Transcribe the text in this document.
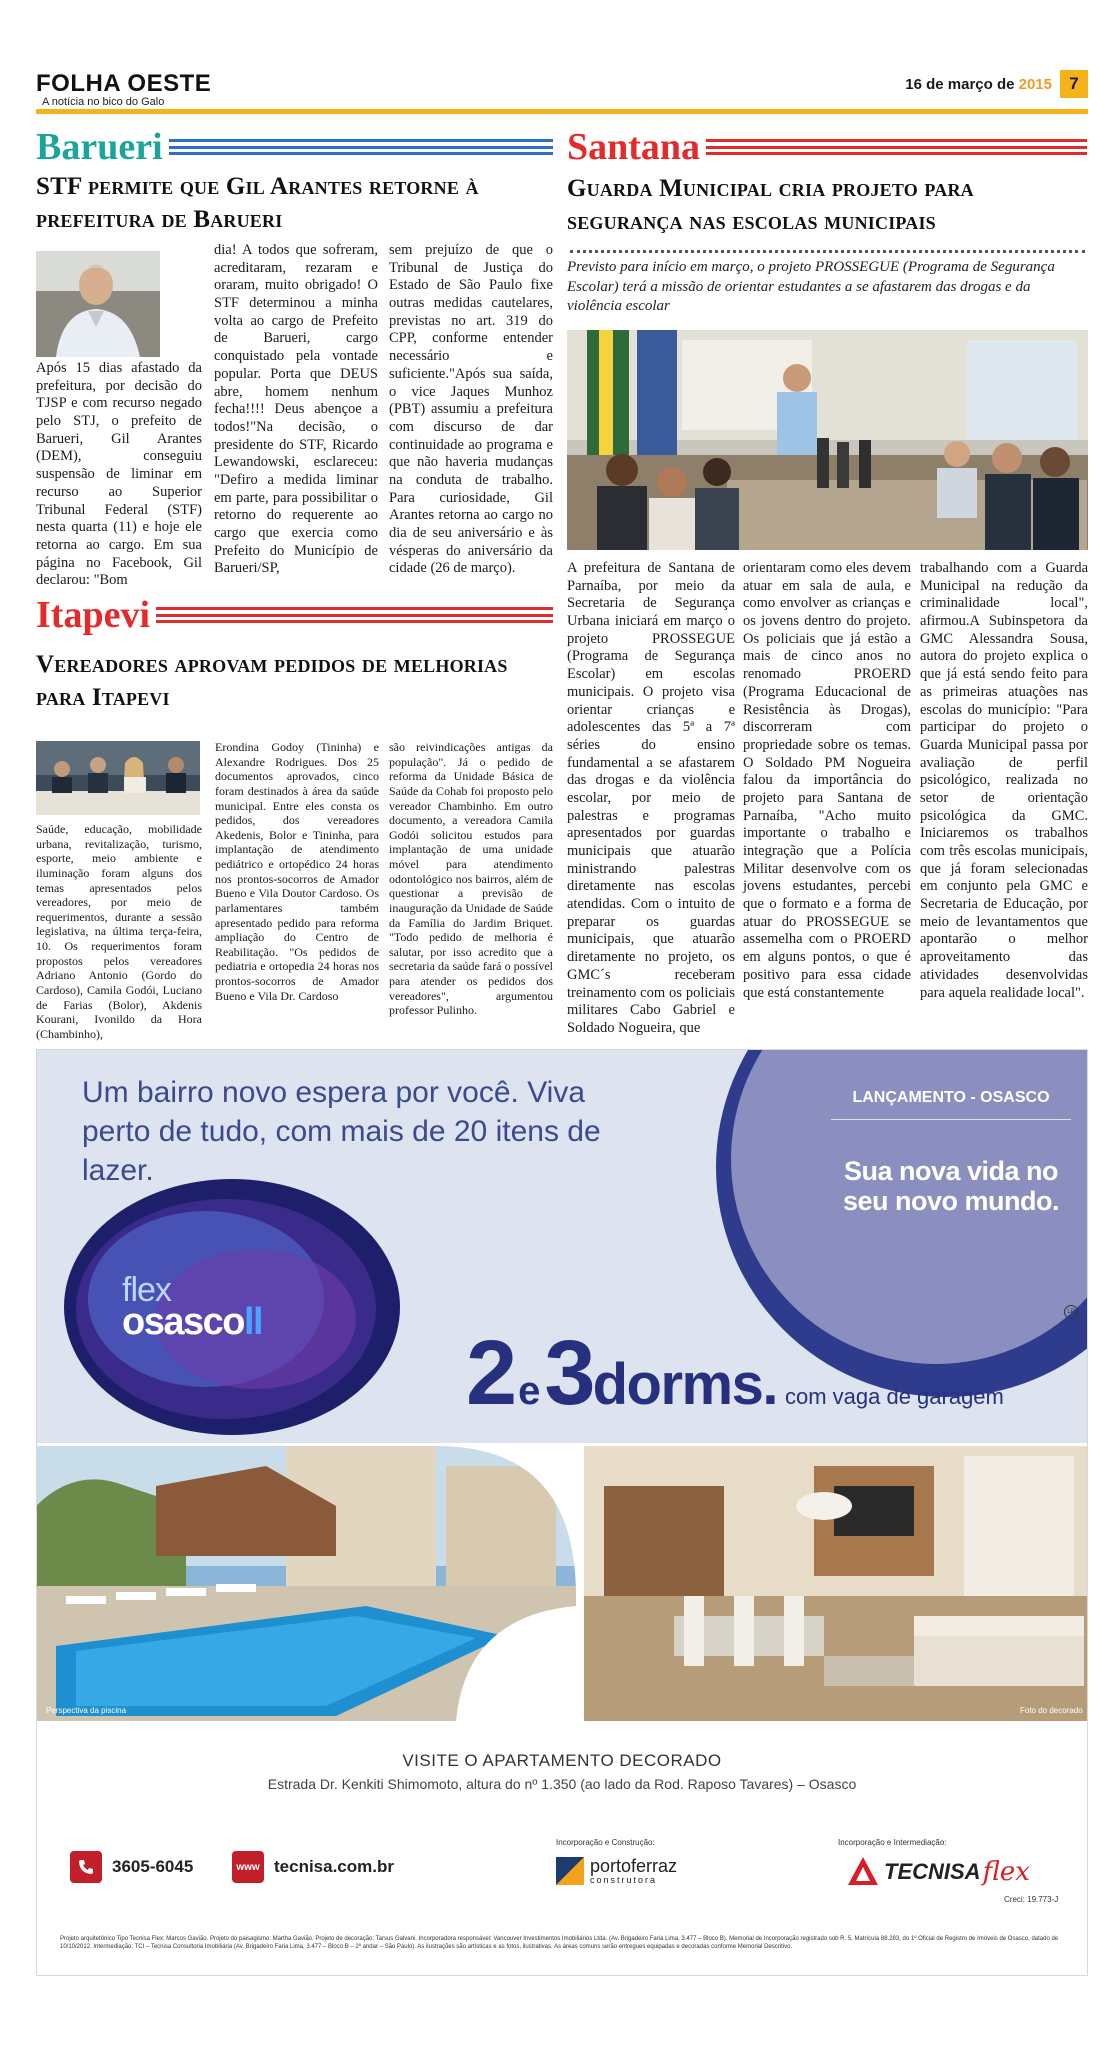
FOLHA OESTE
A notícia no bico do Galo
16 de março de 2015	7
Barueri
STF permite que Gil Arantes retorne à prefeitura de Barueri
Após 15 dias afastado da prefeitura, por decisão do TJSP e com recurso negado pelo STJ, o prefeito de Barueri, Gil Arantes (DEM), conseguiu suspensão de liminar em recurso ao Superior Tribunal Federal (STF) nesta quarta (11) e hoje ele retorna ao cargo. Em sua página no Facebook, Gil declarou: "Bom
dia! A todos que sofreram, acreditaram, rezaram e oraram, muito obrigado! O STF determinou a minha volta ao cargo de Prefeito de Barueri, cargo conquistado pela vontade popular. Porta que DEUS abre, homem nenhum fecha!!!! Deus abençoe a todos!"Na decisão, o presidente do STF, Ricardo Lewandowski, esclareceu: "Defiro a medida liminar em parte, para possibilitar o retorno do requerente ao cargo que exercia como Prefeito do Município de Barueri/SP,
sem prejuízo de que o Tribunal de Justiça do Estado de São Paulo fixe outras medidas cautelares, previstas no art. 319 do CPP, conforme entender necessário e suficiente."Após sua saída, o vice Jaques Munhoz (PBT) assumiu a prefeitura com discurso de dar continuidade ao programa e que não haveria mudanças na conduta de trabalho. Para curiosidade, Gil Arantes retorna ao cargo no dia de seu aniversário e às vésperas do aniversário da cidade (26 de março).
Itapevi
Vereadores aprovam pedidos de melhorias para Itapevi
Saúde, educação, mobilidade urbana, revitalização, turismo, esporte, meio ambiente e iluminação foram alguns dos temas apresentados pelos vereadores, por meio de requerimentos, durante a sessão legislativa, na última terça-feira, 10. Os requerimentos foram propostos pelos vereadores Adriano Antonio (Gordo do Cardoso), Camila Godói, Luciano de Farias (Bolor), Akdenis Kourani, Ivonildo da Hora (Chambinho),
Erondina Godoy (Tininha) e Alexandre Rodrigues. Dos 25 documentos aprovados, cinco foram destinados à área da saúde municipal. Entre eles consta os pedidos, dos vereadores Akedenis, Bolor e Tininha, para implantação de atendimento pediátrico e ortopédico 24 horas nos prontos-socorros de Amador Bueno e Vila Doutor Cardoso. Os parlamentares também apresentado pedido para reforma ampliação do Centro de Reabilitação. "Os pedidos de pediatria e ortopedia 24 horas nos prontos-socorros de Amador Bueno e Vila Dr. Cardoso
são reivindicações antigas da população". Já o pedido de reforma da Unidade Básica de Saúde da Cohab foi proposto pelo vereador Chambinho. Em outro documento, a vereadora Camila Godói solicitou estudos para implantação de uma unidade móvel para atendimento odontológico nos bairros, além de questionar a previsão de inauguração da Unidade de Saúde da Família do Jardim Briquet. "Todo pedido de melhoria é salutar, por isso acredito que a secretaria da saúde fará o possível para atender os pedidos dos vereadores", argumentou professor Pulinho.
Santana
Guarda Municipal cria projeto para segurança nas escolas municipais
Previsto para início em março, o projeto PROSSEGUE (Programa de Segurança Escolar) terá a missão de orientar estudantes a se afastarem das drogas e da violência escolar
A prefeitura de Santana de Parnaíba, por meio da Secretaria de Segurança Urbana iniciará em março o projeto PROSSEGUE (Programa de Segurança Escolar) em escolas municipais. O projeto visa orientar crianças e adolescentes das 5ª a 7ª séries do ensino fundamental a se afastarem das drogas e da violência escolar, por meio de palestras e programas apresentados por guardas municipais que atuarão ministrando palestras diretamente nas escolas atendidas. Com o intuito de preparar os guardas municipais, que atuarão diretamente no projeto, os GMC´s receberam treinamento com os policiais militares Cabo Gabriel e Soldado Nogueira, que
orientaram como eles devem atuar em sala de aula, e como envolver as crianças e os jovens dentro do projeto. Os policiais que já estão a mais de cinco anos no renomado PROERD (Programa Educacional de Resistência às Drogas), discorreram com propriedade sobre os temas. O Soldado PM Nogueira falou da importância do projeto para Santana de Parnaíba, "Acho muito importante o trabalho e integração que a Polícia Militar desenvolve com os jovens estudantes, percebi que o formato e a forma de atuar do PROSSEGUE se assemelha com o PROERD em alguns pontos, o que é positivo para essa cidade que está constantemente
trabalhando com a Guarda Municipal na redução da criminalidade local", afirmou.A Subinspetora da GMC Alessandra Sousa, autora do projeto explica o que já está sendo feito para as primeiras atuações nas escolas do município: "Para participar do projeto o Guarda Municipal passa por avaliação de perfil psicológico, realizada no setor de orientação psicológica da GMC. Iniciaremos os trabalhos com três escolas municipais, que já foram selecionadas em conjunto pela GMC e Secretaria de Educação, por meio de levantamentos que apontarão o melhor aproveitamento das atividades desenvolvidas para aquela realidade local".
Um bairro novo espera por você. Viva perto de tudo, com mais de 20 itens de lazer.
LANÇAMENTO - OSASCO
Sua nova vida no seu novo mundo.
flex
osascoll	LP
2 e3dorms. com vaga de garagem
Perspectiva da piscina	Foto do decorado
VISITE O APARTAMENTO DECORADO
Estrada Dr. Kenkiti Shimomoto, altura do nº 1.350 (ao lado da Rod. Raposo Tavares) – Osasco
3605-6045	www tecnisa.com.br
Incorporação e Construção:
portoferraz
construtora
Incorporação e Intermediação:
TECNISA flex
Creci: 19.773-J
Projeto arquitetônico Tipo Tecnisa Flex: Marcos Gavião. Projeto do paisagismo: Martha Gavião. Projeto de decoração: Tarsus Galvani. Incorporadora responsável: Vancouver Investimentos Imobiliários Ltda. (Av. Brigadeiro Faria Lima, 3.477 – Bloco B). Memorial de Incorporação registrado sob R. 5, Matrícula 88.283, do 1º Oficial de Registro de Imóveis de Osasco, datado de 10/10/2012. Intermediação: TCI – Tecnisa Consultoria Imobiliária (Av. Brigadeiro Faria Lima, 3.477 – Bloco B – 2º andar – São Paulo). As ilustrações são artísticas e as fotos, ilustrativas. As áreas comuns serão entregues equipadas e decoradas conforme Memorial Descritivo.
